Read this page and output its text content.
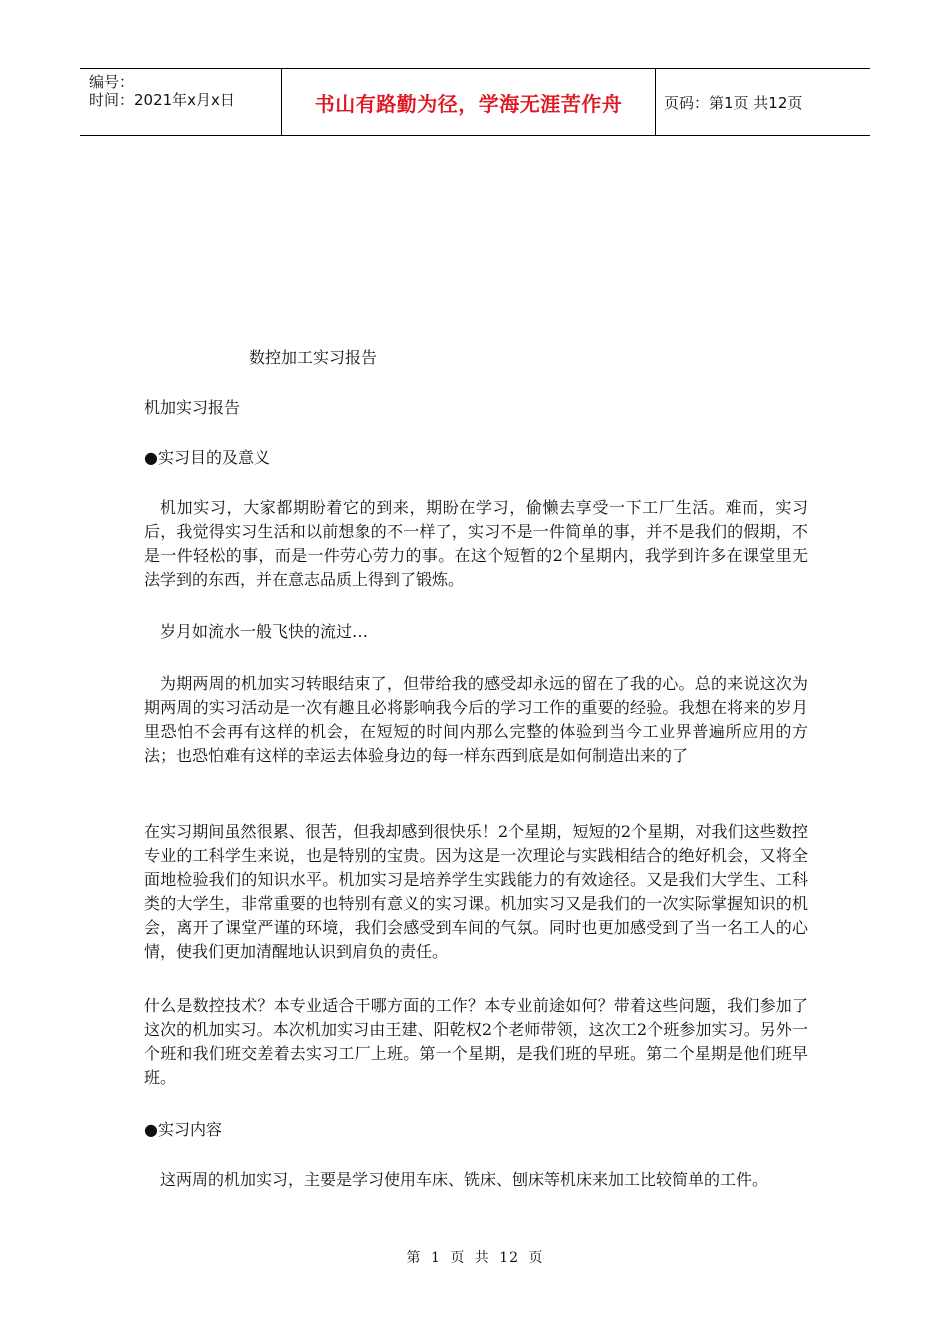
编号：
时间：2021年x月x日	书山有路勤为径，学海无涯苦作舟	页码：第1页 共12页
数控加工实习报告
机加实习报告
●实习目的及意义
机加实习，大家都期盼着它的到来，期盼在学习，偷懒去享受一下工厂生活。难而，实习后，我觉得实习生活和以前想象的不一样了，实习不是一件简单的事，并不是我们的假期，不是一件轻松的事，而是一件劳心劳力的事。在这个短暂的2个星期内，我学到许多在课堂里无法学到的东西，并在意志品质上得到了锻炼。
岁月如流水一般飞快的流过…
为期两周的机加实习转眼结束了，但带给我的感受却永远的留在了我的心。总的来说这次为期两周的实习活动是一次有趣且必将影响我今后的学习工作的重要的经验。我想在将来的岁月里恐怕不会再有这样的机会，在短短的时间内那么完整的体验到当今工业界普遍所应用的方法；也恐怕难有这样的幸运去体验身边的每一样东西到底是如何制造出来的了
在实习期间虽然很累、很苦，但我却感到很快乐！2个星期，短短的2个星期，对我们这些数控专业的工科学生来说，也是特别的宝贵。因为这是一次理论与实践相结合的绝好机会，又将全面地检验我们的知识水平。机加实习是培养学生实践能力的有效途径。又是我们大学生、工科类的大学生，非常重要的也特别有意义的实习课。机加实习又是我们的一次实际掌握知识的机会，离开了课堂严谨的环境，我们会感受到车间的气氛。同时也更加感受到了当一名工人的心情，使我们更加清醒地认识到肩负的责任。
什么是数控技术？本专业适合干哪方面的工作？本专业前途如何？带着这些问题，我们参加了这次的机加实习。本次机加实习由王建、阳乾权2个老师带领，这次工2个班参加实习。另外一个班和我们班交差着去实习工厂上班。第一个星期，是我们班的早班。第二个星期是他们班早班。
●实习内容
这两周的机加实习，主要是学习使用车床、铣床、刨床等机床来加工比较简单的工件。
第 1 页 共 12 页
